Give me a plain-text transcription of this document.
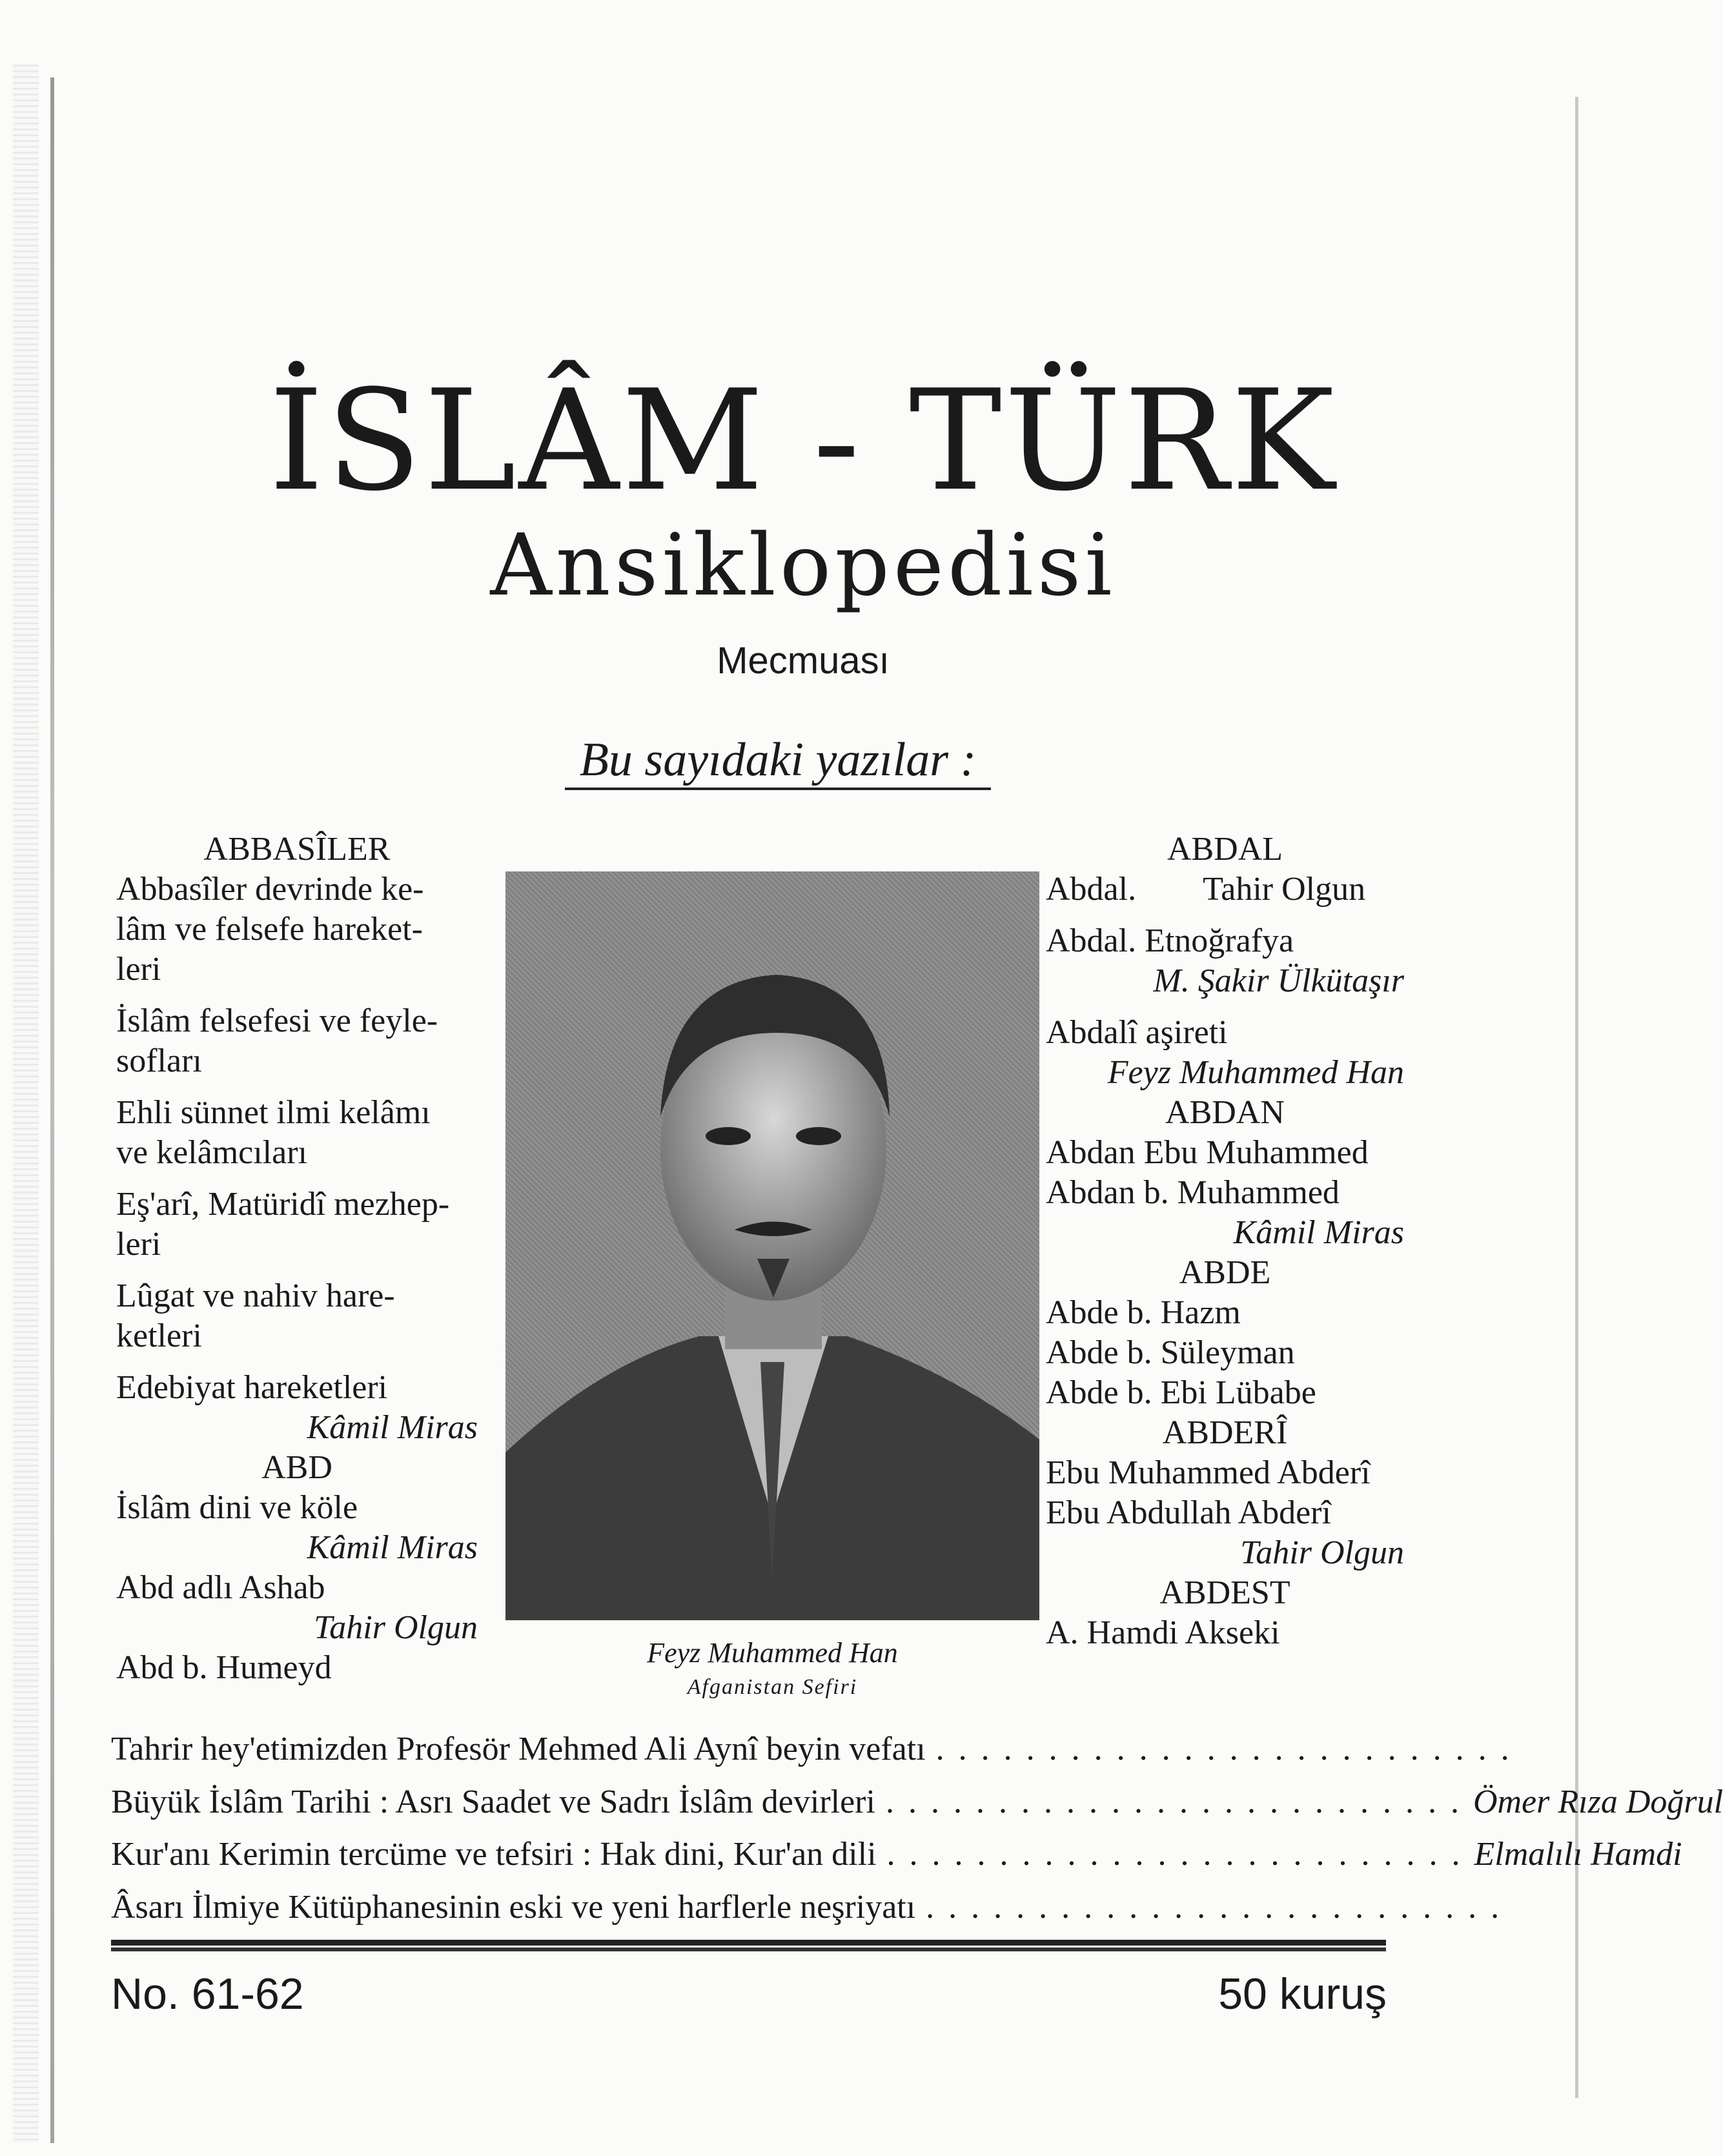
İSLÂM - TÜRK
Ansiklopedisi
Mecmuası
Bu sayıdaki yazılar :
ABBASÎLER
Abbasîler devrinde ke-
lâm ve felsefe hareket-
leri
İslâm felsefesi ve feyle-
sofları
Ehli sünnet ilmi kelâmı
ve kelâmcıları
Eş'arî, Matüridî mezhep-
leri
Lûgat ve nahiv hare-
ketleri
Edebiyat hareketleri
Kâmil Miras
ABD
İslâm dini ve köle
Kâmil Miras
Abd adlı Ashab
Tahir Olgun
Abd b. Humeyd
ABDAL
Abdal.        Tahir Olgun
Abdal. Etnoğrafya
M. Şakir Ülkütaşır
Abdalî aşireti
Feyz Muhammed Han
ABDAN
Abdan Ebu Muhammed
Abdan b. Muhammed
Kâmil Miras
ABDE
Abde b. Hazm
Abde b. Süleyman
Abde b. Ebi Lübabe
ABDERÎ
Ebu Muhammed Abderî
Ebu Abdullah Abderî
Tahir Olgun
ABDEST
A. Hamdi Akseki
Feyz Muhammed Han
Afganistan Sefiri
Tahrir hey'etimizden Profesör Mehmed Ali Aynî beyin vefatı ..........................
Büyük İslâm Tarihi : Asrı Saadet ve Sadrı İslâm devirleri .......................... Ömer Rıza Doğrul
Kur'anı Kerimin tercüme ve tefsiri : Hak dini, Kur'an dili .......................... Elmalılı Hamdi
Âsarı İlmiye Kütüphanesinin eski ve yeni harflerle neşriyatı ..........................
No. 61-62	50 kuruş
